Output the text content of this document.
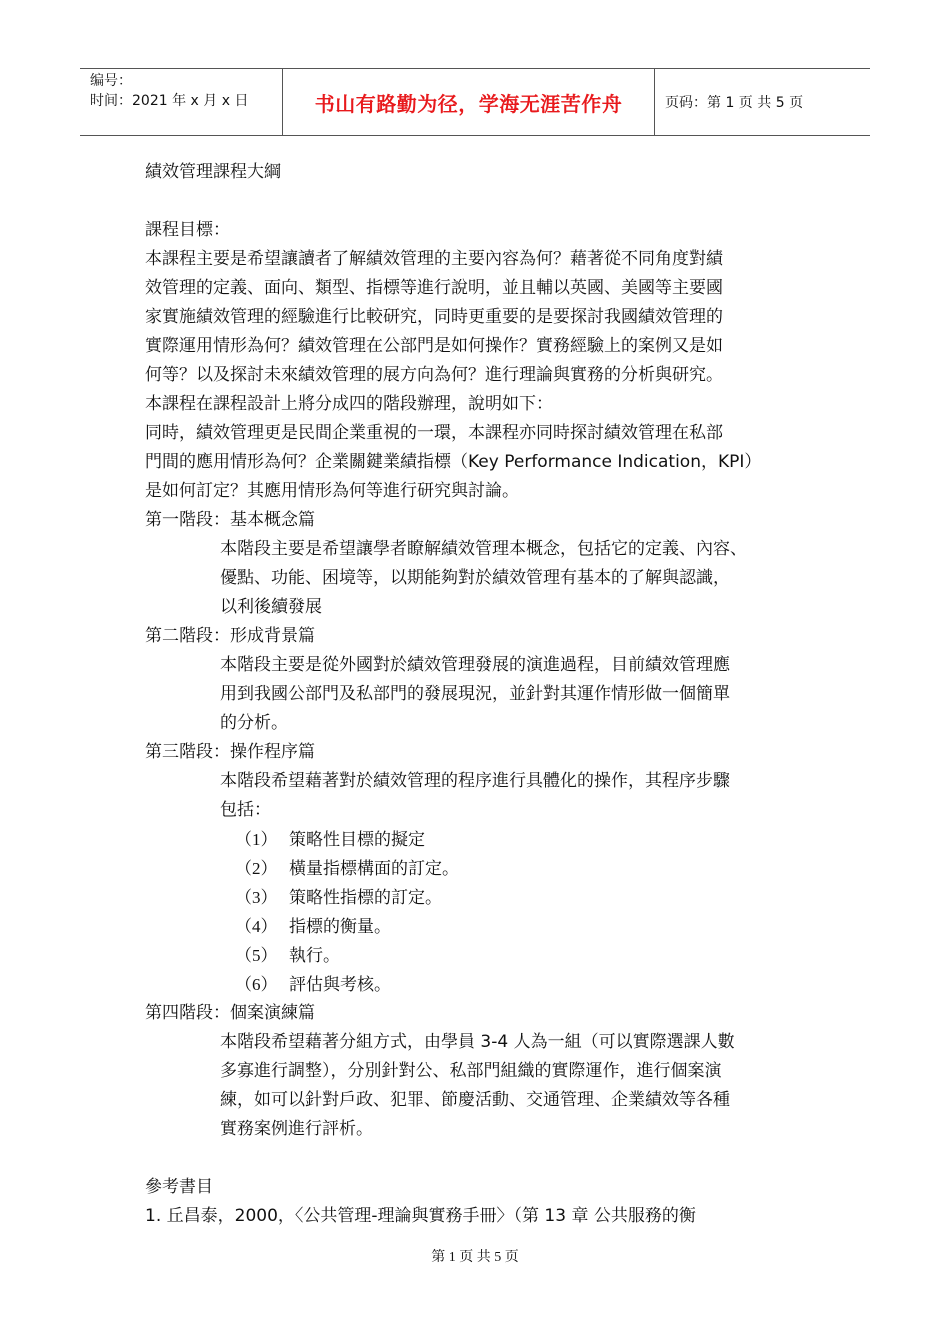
编号：
时间：2021 年 x 月 x 日	书山有路勤为径，学海无涯苦作舟	页码：第 1 页 共 5 页
績效管理課程大綱
課程目標：
本課程主要是希望讓讀者了解績效管理的主要內容為何？藉著從不同角度對績
效管理的定義、面向、類型、指標等進行說明，並且輔以英國、美國等主要國
家實施績效管理的經驗進行比較研究，同時更重要的是要探討我國績效管理的
實際運用情形為何？績效管理在公部門是如何操作？實務經驗上的案例又是如
何等？以及探討未來績效管理的展方向為何？進行理論與實務的分析與研究。
本課程在課程設計上將分成四的階段辦理，說明如下：
同時，績效管理更是民間企業重視的一環，本課程亦同時探討績效管理在私部
門間的應用情形為何？企業關鍵業績指標（Key Performance Indication，KPI）
是如何訂定？其應用情形為何等進行研究與討論。
第一階段：基本概念篇
本階段主要是希望讓學者瞭解績效管理本概念，包括它的定義、內容、
優點、功能、困境等，以期能夠對於績效管理有基本的了解與認識，
以利後續發展
第二階段：形成背景篇
本階段主要是從外國對於績效管理發展的演進過程，目前績效管理應
用到我國公部門及私部門的發展現況，並針對其運作情形做一個簡單
的分析。
第三階段：操作程序篇
本階段希望藉著對於績效管理的程序進行具體化的操作，其程序步驟
包括：
（1） 策略性目標的擬定
（2） 橫量指標構面的訂定。
（3） 策略性指標的訂定。
（4） 指標的衡量。
（5） 執行。
（6） 評估與考核。
第四階段：個案演練篇
本階段希望藉著分組方式，由學員 3-4 人為一組（可以實際選課人數
多寡進行調整），分別針對公、私部門組織的實際運作，進行個案演
練，如可以針對戶政、犯罪、節慶活動、交通管理、企業績效等各種
實務案例進行評析。
參考書目
1. 丘昌泰，2000，〈公共管理-理論與實務手冊〉（第 13 章 公共服務的衡
第 1 页 共 5 页
